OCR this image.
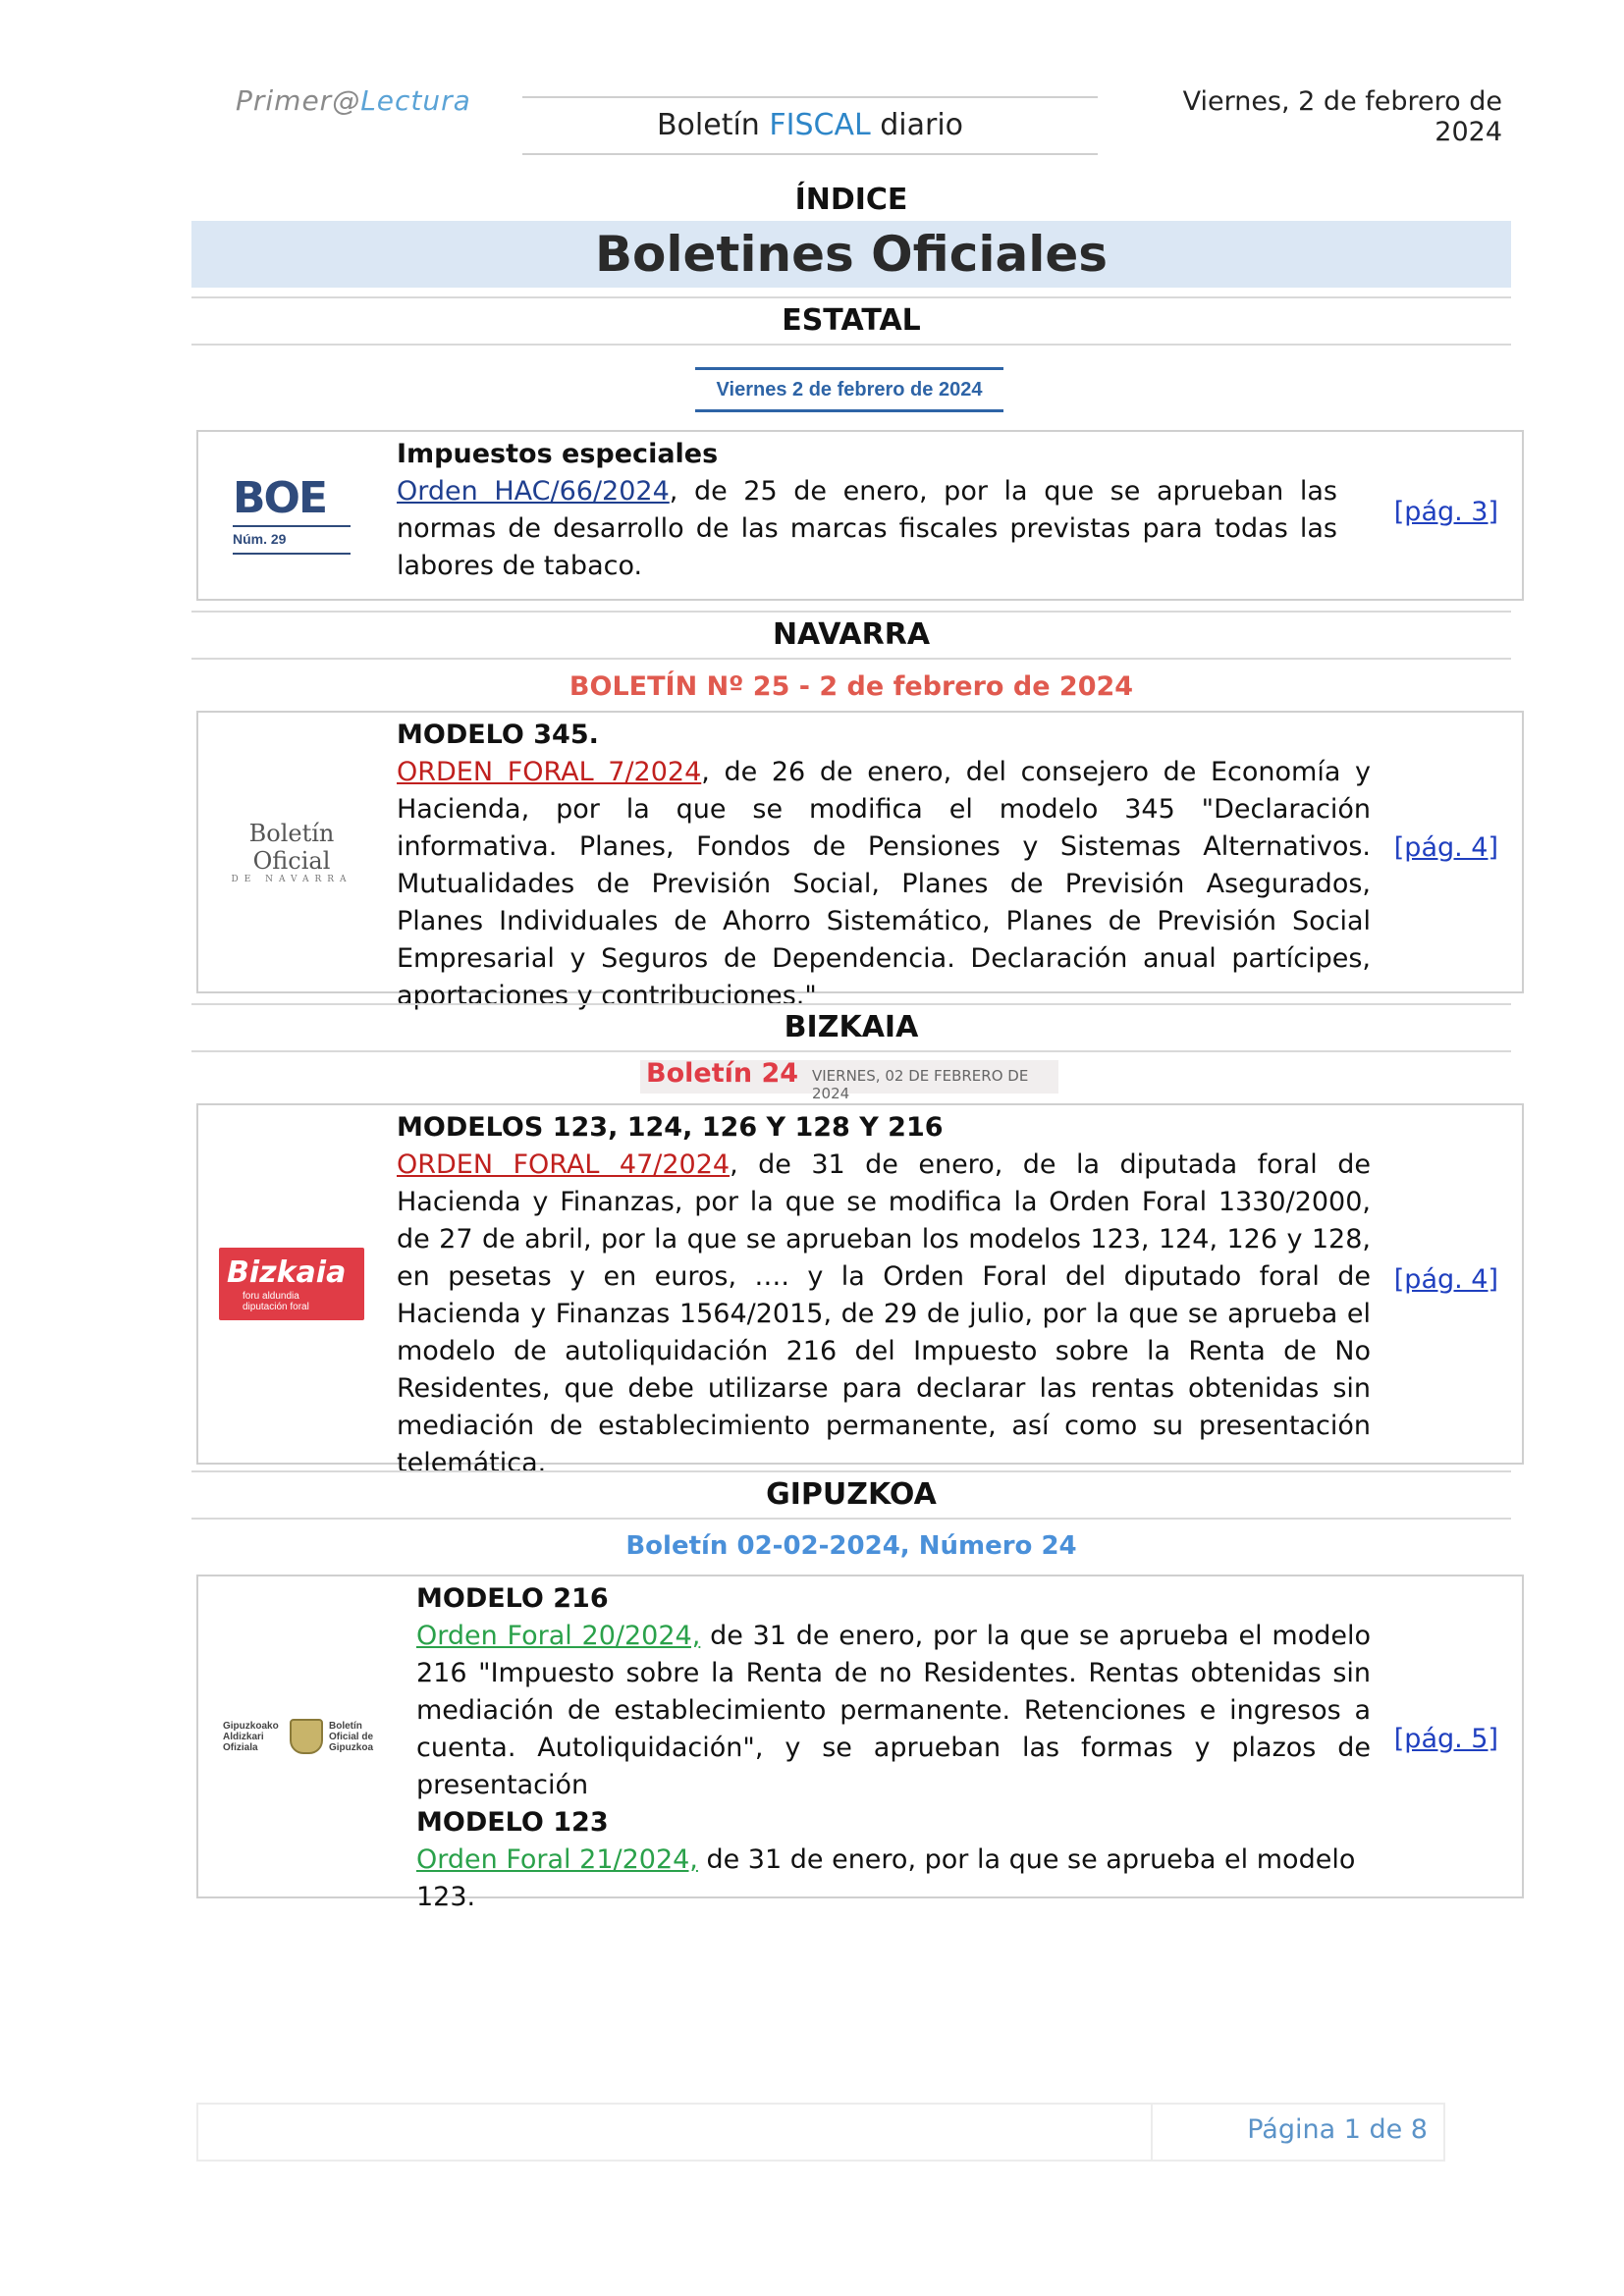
Primer@Lectura
Boletín FISCAL diario
Viernes, 2 de febrero de 2024
ÍNDICE
Boletines Oficiales
ESTATAL
Viernes 2 de febrero de 2024
BOE
Núm. 29
Impuestos especiales
Orden HAC/66/2024, de 25 de enero, por la que se aprueban las normas de desarrollo de las marcas fiscales previstas para todas las labores de tabaco.
[pág. 3]
NAVARRA
BOLETÍN Nº 25 - 2 de febrero de 2024
Boletín Oficial
DE NAVARRA
MODELO 345.
ORDEN FORAL 7/2024, de 26 de enero, del consejero de Economía y Hacienda, por la que se modifica el modelo 345 "Declaración informativa. Planes, Fondos de Pensiones y Sistemas Alternativos. Mutualidades de Previsión Social, Planes de Previsión Asegurados, Planes Individuales de Ahorro Sistemático, Planes de Previsión Social Empresarial y Seguros de Dependencia. Declaración anual partícipes, aportaciones y contribuciones."
[pág. 4]
BIZKAIA
Boletín 24 VIERNES, 02 DE FEBRERO DE 2024
Bizkaia
foru aldundia
diputación foral
MODELOS 123, 124, 126 Y 128 Y 216
ORDEN FORAL 47/2024, de 31 de enero, de la diputada foral de Hacienda y Finanzas, por la que se modifica la Orden Foral 1330/2000, de 27 de abril, por la que se aprueban los modelos 123, 124, 126 y 128, en pesetas y en euros, …. y la Orden Foral del diputado foral de Hacienda y Finanzas 1564/2015, de 29 de julio, por la que se aprueba el modelo de autoliquidación 216 del Impuesto sobre la Renta de No Residentes, que debe utilizarse para declarar las rentas obtenidas sin mediación de establecimiento permanente, así como su presentación telemática.
[pág. 4]
GIPUZKOA
Boletín 02-02-2024, Número 24
Gipuzkoako Aldizkari Ofiziala
Boletín Oficial de Gipuzkoa
MODELO 216
Orden Foral 20/2024, de 31 de enero, por la que se aprueba el modelo 216 "Impuesto sobre la Renta de no Residentes. Rentas obtenidas sin mediación de establecimiento permanente. Retenciones e ingresos a cuenta. Autoliquidación", y se aprueban las formas y plazos de presentación
MODELO 123
Orden Foral 21/2024, de 31 de enero, por la que se aprueba el modelo 123.
[pág. 5]
Página 1 de 8
